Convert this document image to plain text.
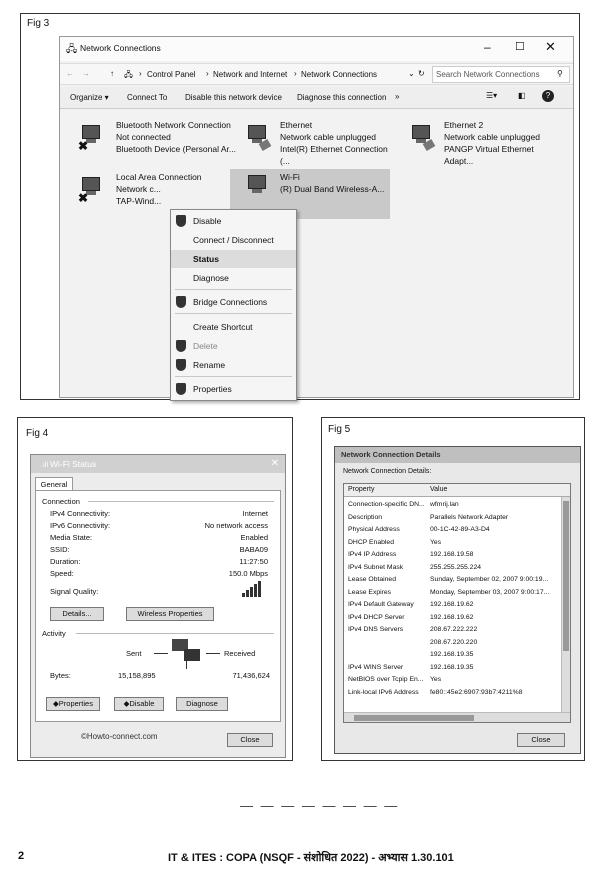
Fig 3
🖧 Network Connections	– ☐ ✕
← →	↑ 🖧 › Control Panel › Network and Internet › Network Connections	⌄ ↻ Search Network Connections ⚲
Organize ▾ Connect To Disable this network device Diagnose this connection »	☰▾	◧	?
✖
Bluetooth Network Connection
Not connected
Bluetooth Device (Personal Ar...
Ethernet
Network cable unplugged
Intel(R) Ethernet Connection (...
Ethernet 2
Network cable unplugged
PANGP Virtual Ethernet Adapt...
✖
Local Area Connection
Network c...
TAP-Wind...
Wi-Fi
(R) Dual Band Wireless-A...
Disable
Connect / Disconnect
Status
Diagnose
Bridge Connections
Create Shortcut
Delete
Rename
Properties
Fig 4
.ıll Wi-Fi Status	✕
General
Connection
IPv4 Connectivity:	Internet
IPv6 Connectivity:	No network access
Media State:	Enabled
SSID:	BABA09
Duration:	11:27:50
Speed:	150.0 Mbps
Signal Quality:
Details...	Wireless Properties
Activity
Sent	Received
Bytes:	15,158,895	71,436,624
◆Properties	◆Disable	Diagnose
©Howto-connect.com	Close
Fig 5
Network Connection Details
Network Connection Details:
Property	Value
Connection-specific DN... wfmrij.lan
Description	Parallels Network Adapter
Physical Address	00-1C-42-89-A3-D4
DHCP Enabled	Yes
IPv4 IP Address	192.168.19.58
IPv4 Subnet Mask	255.255.255.224
Lease Obtained	Sunday, September 02, 2007 9:00:19...
Lease Expires	Monday, September 03, 2007 9:00:17...
IPv4 Default Gateway 192.168.19.62
IPv4 DHCP Server	192.168.19.62
IPv4 DNS Servers	208.67.222.222
208.67.220.220
192.168.19.35
IPv4 WINS Server	192.168.19.35
NetBIOS over Tcpip En... Yes
Link-local IPv6 Address fe80::45e2:6907:93b7:4211%8
Close
— — — — — — — —
2	IT & ITES : COPA (NSQF - संशोधित 2022) - अभ्यास 1.30.101
